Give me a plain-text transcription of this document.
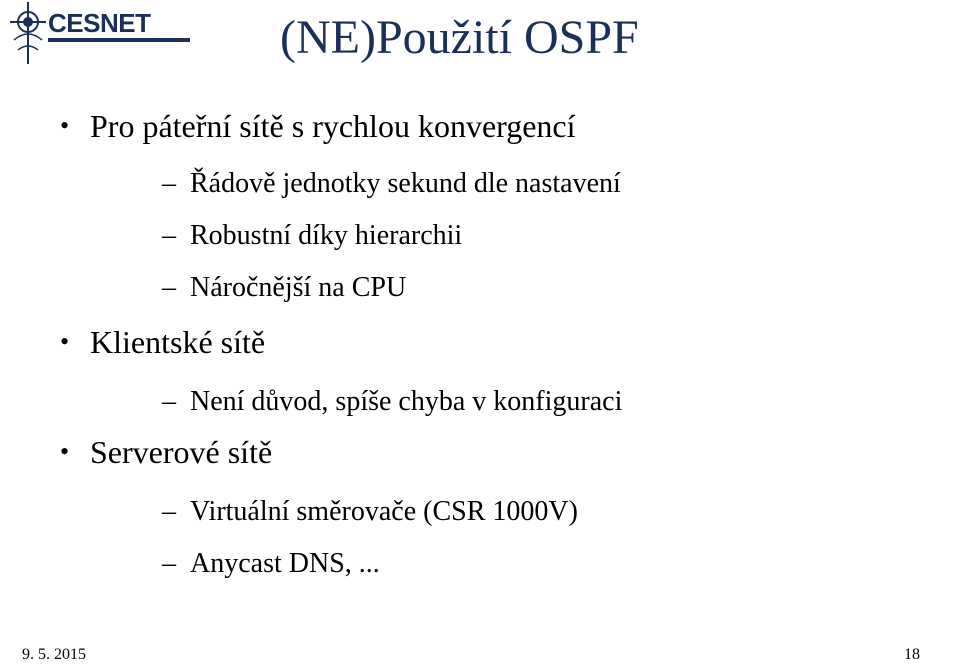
CESNET	(NE)Použití OSPF
• Pro páteřní sítě s rychlou konvergencí
– Řádově jednotky sekund dle nastavení
– Robustní díky hierarchii
– Náročnější na CPU
• Klientské sítě
– Není důvod, spíše chyba v konfiguraci
• Serverové sítě
– Virtuální směrovače (CSR 1000V)
– Anycast DNS, ...
9. 5. 2015	18
